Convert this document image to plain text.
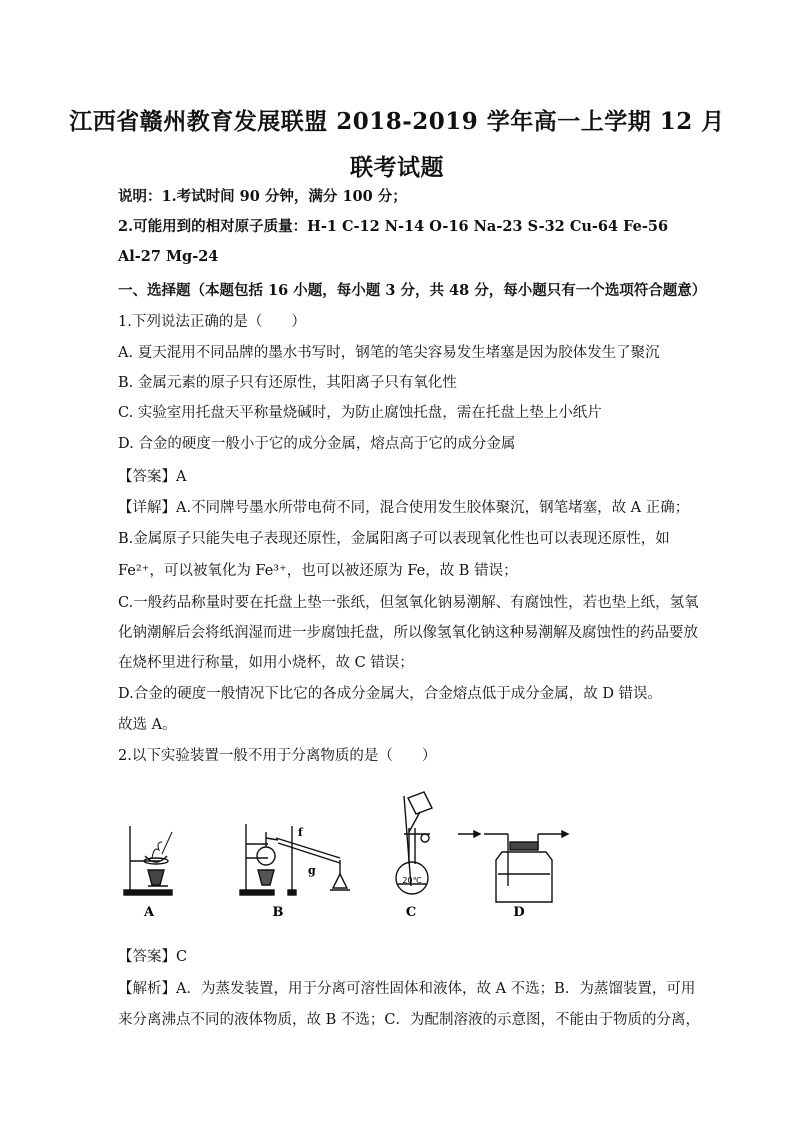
江西省赣州教育发展联盟 2018-2019 学年高一上学期 12 月
联考试题
说明：1.考试时间 90 分钟，满分 100 分；
2.可能用到的相对原子质量：H-1 C-12 N-14 O-16 Na-23 S-32 Cu-64 Fe-56
Al-27 Mg-24
一、选择题（本题包括 16 小题，每小题 3 分，共 48 分，每小题只有一个选项符合题意）
1.下列说法正确的是（　　）
A. 夏天混用不同品牌的墨水书写时，钢笔的笔尖容易发生堵塞是因为胶体发生了聚沉
B. 金属元素的原子只有还原性，其阳离子只有氧化性
C. 实验室用托盘天平称量烧碱时，为防止腐蚀托盘，需在托盘上垫上小纸片
D. 合金的硬度一般小于它的成分金属，熔点高于它的成分金属
【答案】A
【详解】A.不同牌号墨水所带电荷不同，混合使用发生胶体聚沉，钢笔堵塞，故 A 正确；
B.金属原子只能失电子表现还原性，金属阳离子可以表现氧化性也可以表现还原性，如
Fe²⁺，可以被氧化为 Fe³⁺，也可以被还原为 Fe，故 B 错误；
C.一般药品称量时要在托盘上垫一张纸，但氢氧化钠易潮解、有腐蚀性，若也垫上纸，氢氧
化钠潮解后会将纸润湿而进一步腐蚀托盘，所以像氢氧化钠这种易潮解及腐蚀性的药品要放
在烧杯里进行称量，如用小烧杯，故 C 错误；
D.合金的硬度一般情况下比它的各成分金属大，合金熔点低于成分金属，故 D 错误。
故选 A。
2.以下实验装置一般不用于分离物质的是（　　）
A
f
g
B
20℃
C	D
【答案】C
【解析】A．为蒸发装置，用于分离可溶性固体和液体，故 A 不选；B．为蒸馏装置，可用
来分离沸点不同的液体物质，故 B 不选；C．为配制溶液的示意图，不能由于物质的分离，
